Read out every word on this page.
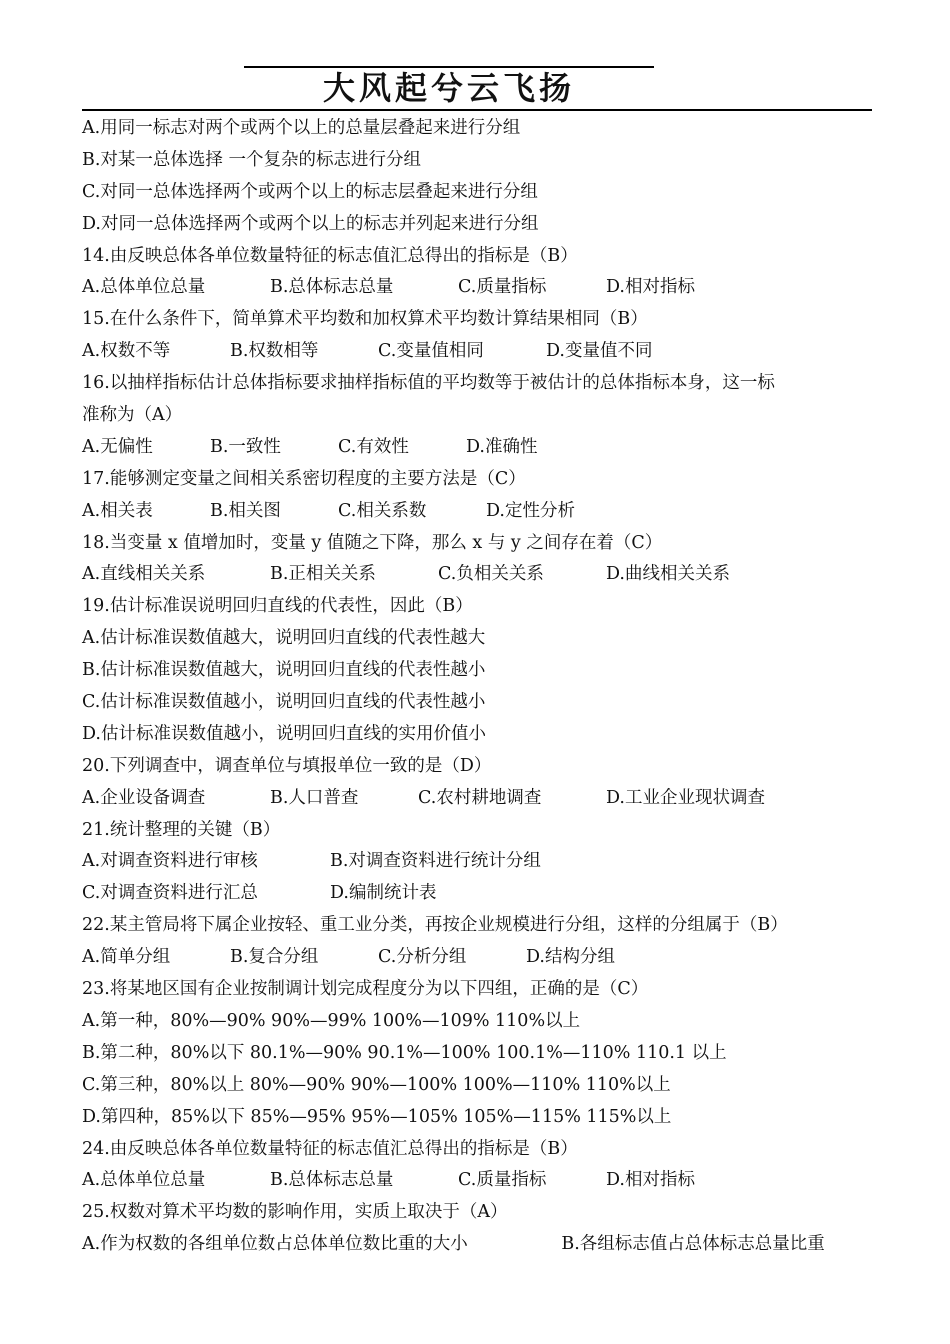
大风起兮云飞扬
A.用同一标志对两个或两个以上的总量层叠起来进行分组
B.对某一总体选择 一个复杂的标志进行分组
C.对同一总体选择两个或两个以上的标志层叠起来进行分组
D.对同一总体选择两个或两个以上的标志并列起来进行分组
14.由反映总体各单位数量特征的标志值汇总得出的指标是（B）
A.总体单位总量	B.总体标志总量	C.质量指标	D.相对指标
15.在什么条件下，简单算术平均数和加权算术平均数计算结果相同（B）
A.权数不等	B.权数相等	C.变量值相同	D.变量值不同
16.以抽样指标估计总体指标要求抽样指标值的平均数等于被估计的总体指标本身，这一标
准称为（A）
A.无偏性	B.一致性	C.有效性	D.准确性
17.能够测定变量之间相关系密切程度的主要方法是（C）
A.相关表	B.相关图	C.相关系数	D.定性分析
18.当变量 x 值增加时，变量 y 值随之下降，那么 x 与 y 之间存在着（C）
A.直线相关关系	B.正相关关系	C.负相关关系	D.曲线相关关系
19.估计标准误说明回归直线的代表性，因此（B）
A.估计标准误数值越大，说明回归直线的代表性越大
B.估计标准误数值越大，说明回归直线的代表性越小
C.估计标准误数值越小，说明回归直线的代表性越小
D.估计标准误数值越小，说明回归直线的实用价值小
20.下列调查中，调查单位与填报单位一致的是（D）
A.企业设备调查	B.人口普查	C.农村耕地调查	D.工业企业现状调查
21.统计整理的关键（B）
A.对调查资料进行审核	B.对调查资料进行统计分组
C.对调查资料进行汇总	D.编制统计表
22.某主管局将下属企业按轻、重工业分类，再按企业规模进行分组，这样的分组属于（B）
A.简单分组	B.复合分组	C.分析分组	D.结构分组
23.将某地区国有企业按制调计划完成程度分为以下四组，正确的是（C）
A.第一种，80%—90% 90%—99% 100%—109% 110%以上
B.第二种，80%以下 80.1%—90% 90.1%—100% 100.1%—110% 110.1 以上
C.第三种，80%以上 80%—90% 90%—100% 100%—110% 110%以上
D.第四种，85%以下 85%—95% 95%—105% 105%—115% 115%以上
24.由反映总体各单位数量特征的标志值汇总得出的指标是（B）
A.总体单位总量	B.总体标志总量	C.质量指标	D.相对指标
25.权数对算术平均数的影响作用，实质上取决于（A）
A.作为权数的各组单位数占总体单位数比重的大小	B.各组标志值占总体标志总量比重
